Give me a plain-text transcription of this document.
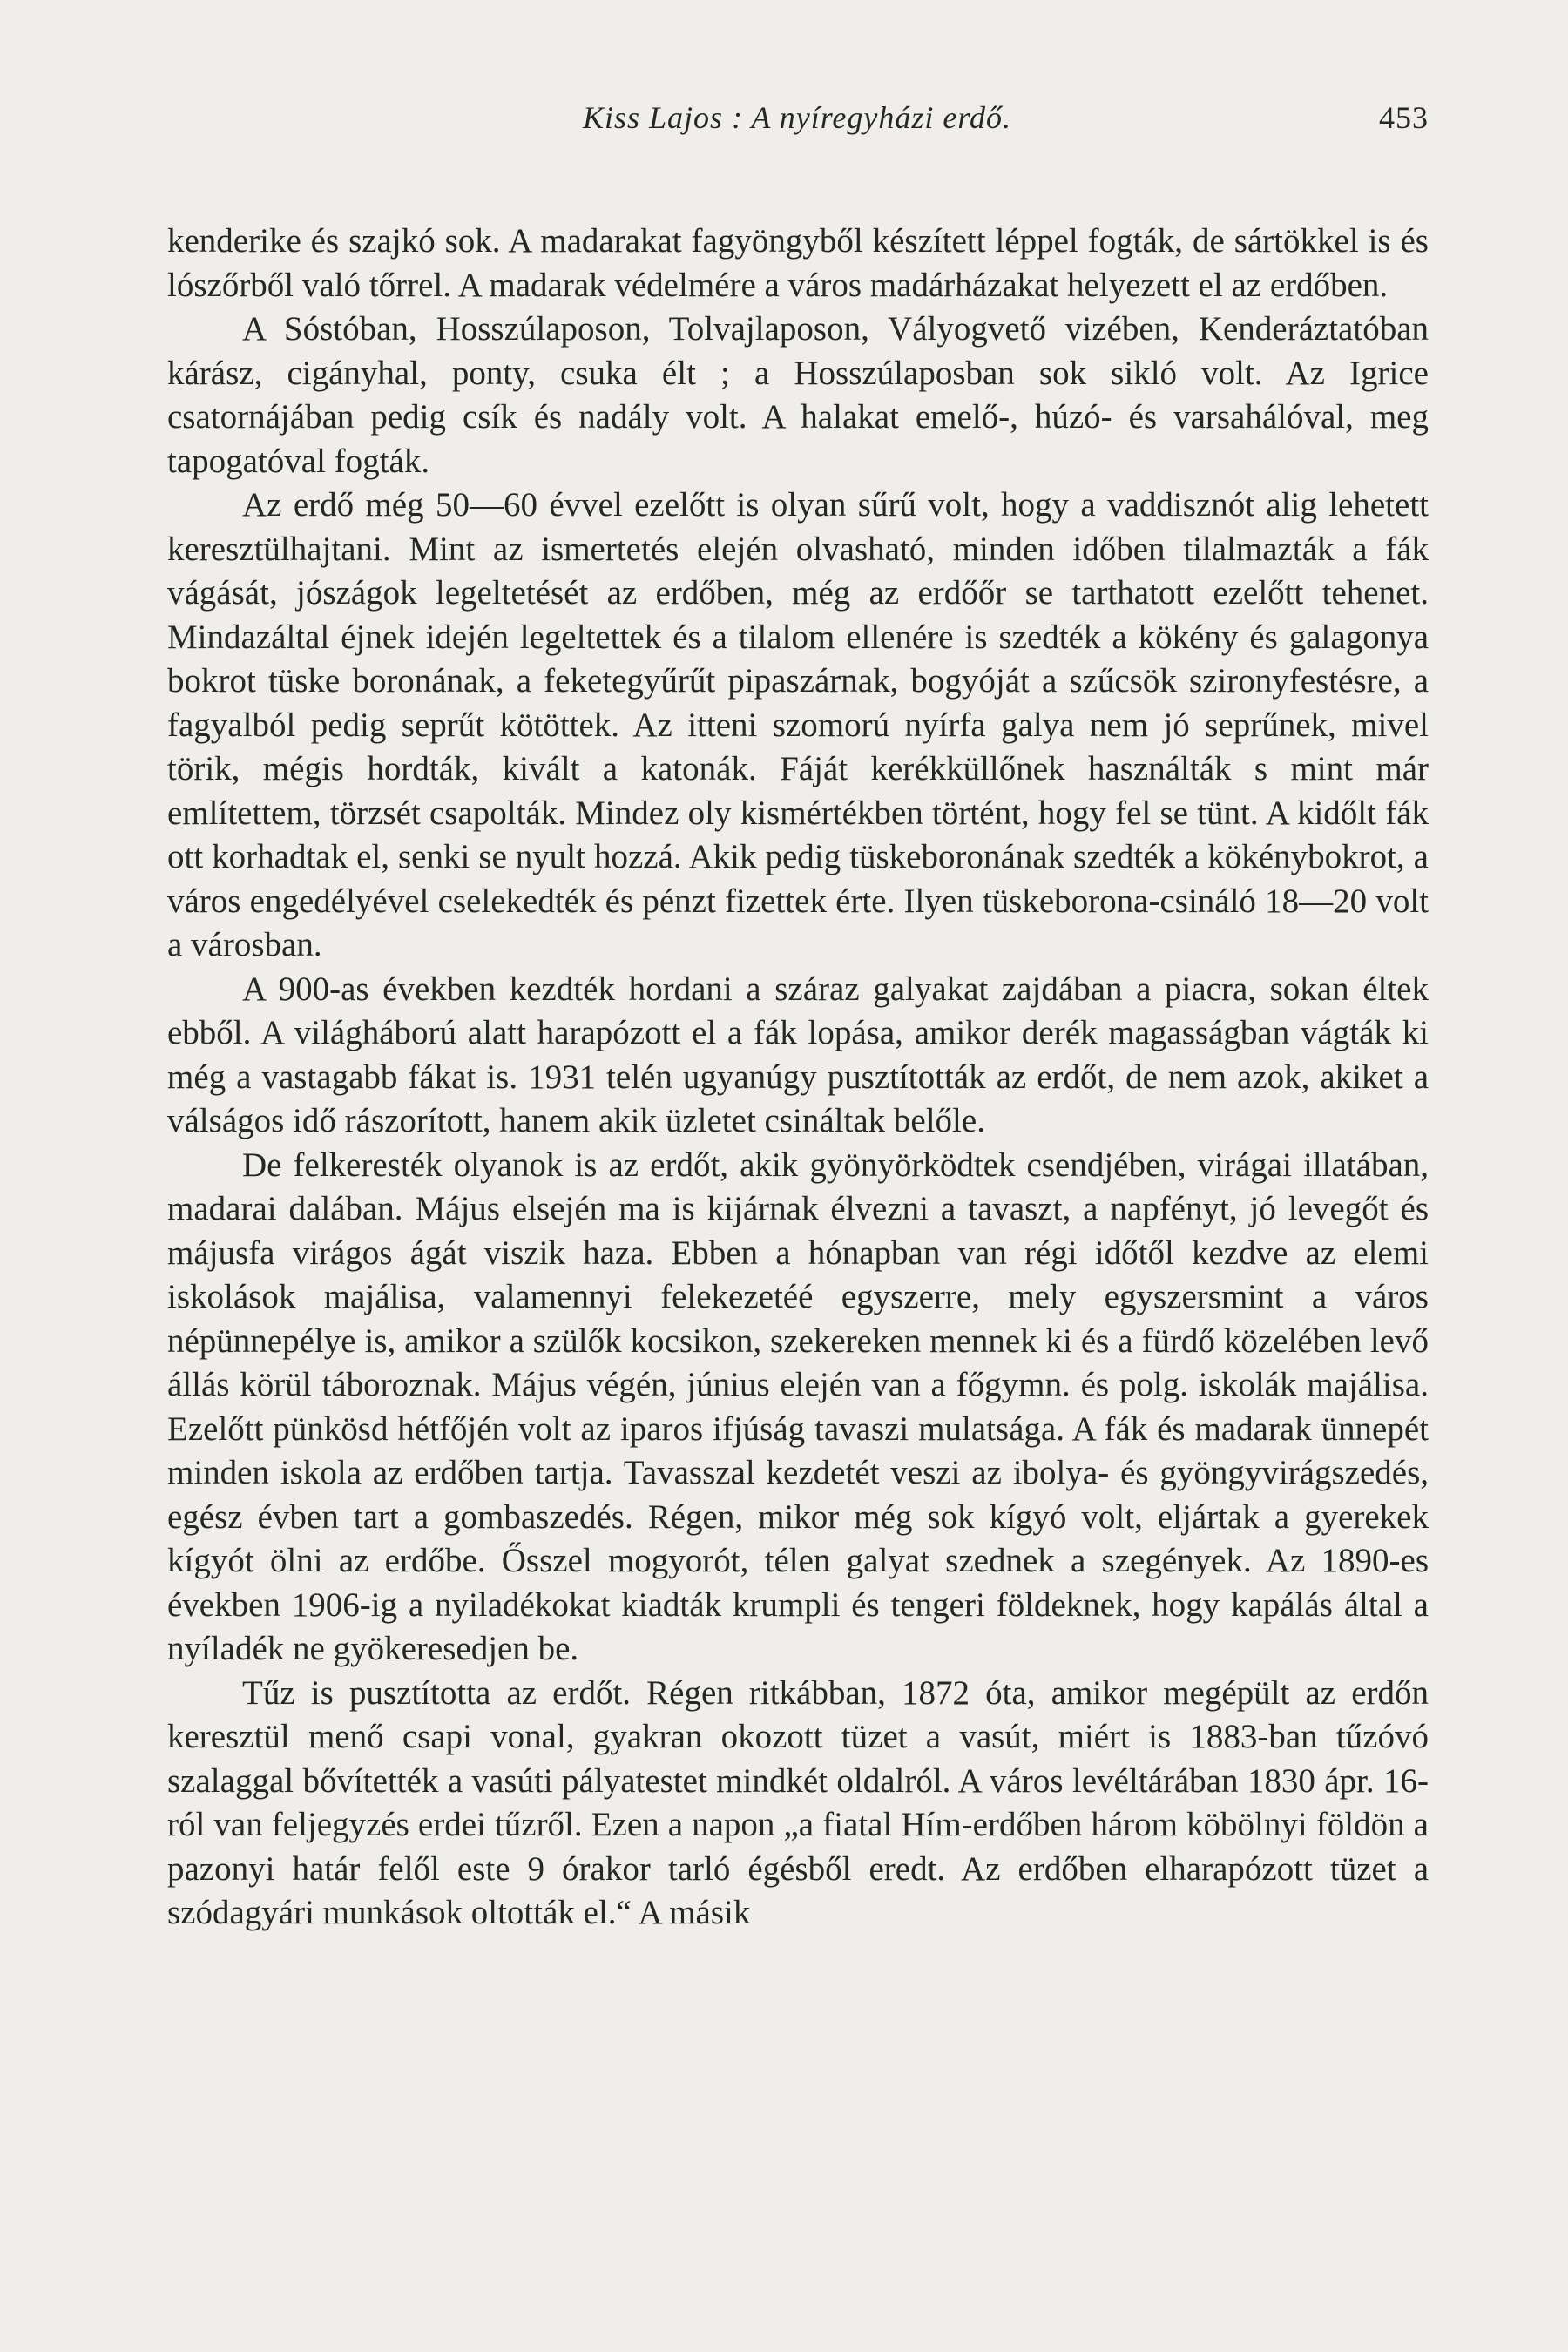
Kiss Lajos : A nyíregyházi erdő.	453

kenderike és szajkó sok. A madarakat fagyöngyből készített léppel fogták, de sártökkel is és lószőrből való tőrrel. A madarak védelmére a város madárházakat helyezett el az erdőben.

A Sóstóban, Hosszúlaposon, Tolvajlaposon, Vályogvető vizében, Kenderáztatóban kárász, cigányhal, ponty, csuka élt ; a Hosszúlaposban sok sikló volt. Az Igrice csatornájában pedig csík és nadály volt. A halakat emelő-, húzó- és varsahálóval, meg tapogatóval fogták.

Az erdő még 50—60 évvel ezelőtt is olyan sűrű volt, hogy a vaddisznót alig lehetett keresztülhajtani. Mint az ismertetés elején olvasható, minden időben tilalmazták a fák vágását, jószágok legeltetését az erdőben, még az erdőőr se tarthatott ezelőtt tehenet. Mindazáltal éjnek idején legeltettek és a tilalom ellenére is szedték a kökény és galagonya bokrot tüske boronának, a feketegyűrűt pipaszárnak, bogyóját a szűcsök szironyfestésre, a fagyalból pedig seprűt kötöttek. Az itteni szomorú nyírfa galya nem jó seprűnek, mivel törik, mégis hordták, kivált a katonák. Fáját kerékküllőnek használták s mint már említettem, törzsét csapolták. Mindez oly kismértékben történt, hogy fel se tünt. A kidőlt fák ott korhadtak el, senki se nyult hozzá. Akik pedig tüskeboronának szedték a kökénybokrot, a város engedélyével cselekedték és pénzt fizettek érte. Ilyen tüskeborona-csináló 18—20 volt a városban.

A 900-as években kezdték hordani a száraz galyakat zajdában a piacra, sokan éltek ebből. A világháború alatt harapózott el a fák lopása, amikor derék magasságban vágták ki még a vastagabb fákat is. 1931 telén ugyanúgy pusztították az erdőt, de nem azok, akiket a válságos idő rászorított, hanem akik üzletet csináltak belőle.

De felkeresték olyanok is az erdőt, akik gyönyörködtek csendjében, virágai illatában, madarai dalában. Május elsején ma is kijárnak élvezni a tavaszt, a napfényt, jó levegőt és májusfa virágos ágát viszik haza. Ebben a hónapban van régi időtől kezdve az elemi iskolások majálisa, valamennyi felekezetéé egyszerre, mely egyszersmint a város népünnepélye is, amikor a szülők kocsikon, szekereken mennek ki és a fürdő közelében levő állás körül táboroznak. Május végén, június elején van a főgymn. és polg. iskolák majálisa. Ezelőtt pünkösd hétfőjén volt az iparos ifjúság tavaszi mulatsága. A fák és madarak ünnepét minden iskola az erdőben tartja. Tavasszal kezdetét veszi az ibolya- és gyöngyvirágszedés, egész évben tart a gombaszedés. Régen, mikor még sok kígyó volt, eljártak a gyerekek kígyót ölni az erdőbe. Ősszel mogyorót, télen galyat szednek a szegények. Az 1890-es években 1906-ig a nyiladékokat kiadták krumpli és tengeri földeknek, hogy kapálás által a nyíladék ne gyökeresedjen be.

Tűz is pusztította az erdőt. Régen ritkábban, 1872 óta, amikor megépült az erdőn keresztül menő csapi vonal, gyakran okozott tüzet a vasút, miért is 1883-ban tűzóvó szalaggal bővítették a vasúti pályatestet mindkét oldalról. A város levéltárában 1830 ápr. 16-ról van feljegyzés erdei tűzről. Ezen a napon „a fiatal Hím-erdőben három köbölnyi földön a pazonyi határ felől este 9 órakor tarló égésből eredt. Az erdőben elharapózott tüzet a szódagyári munkások oltották el.“ A másik
